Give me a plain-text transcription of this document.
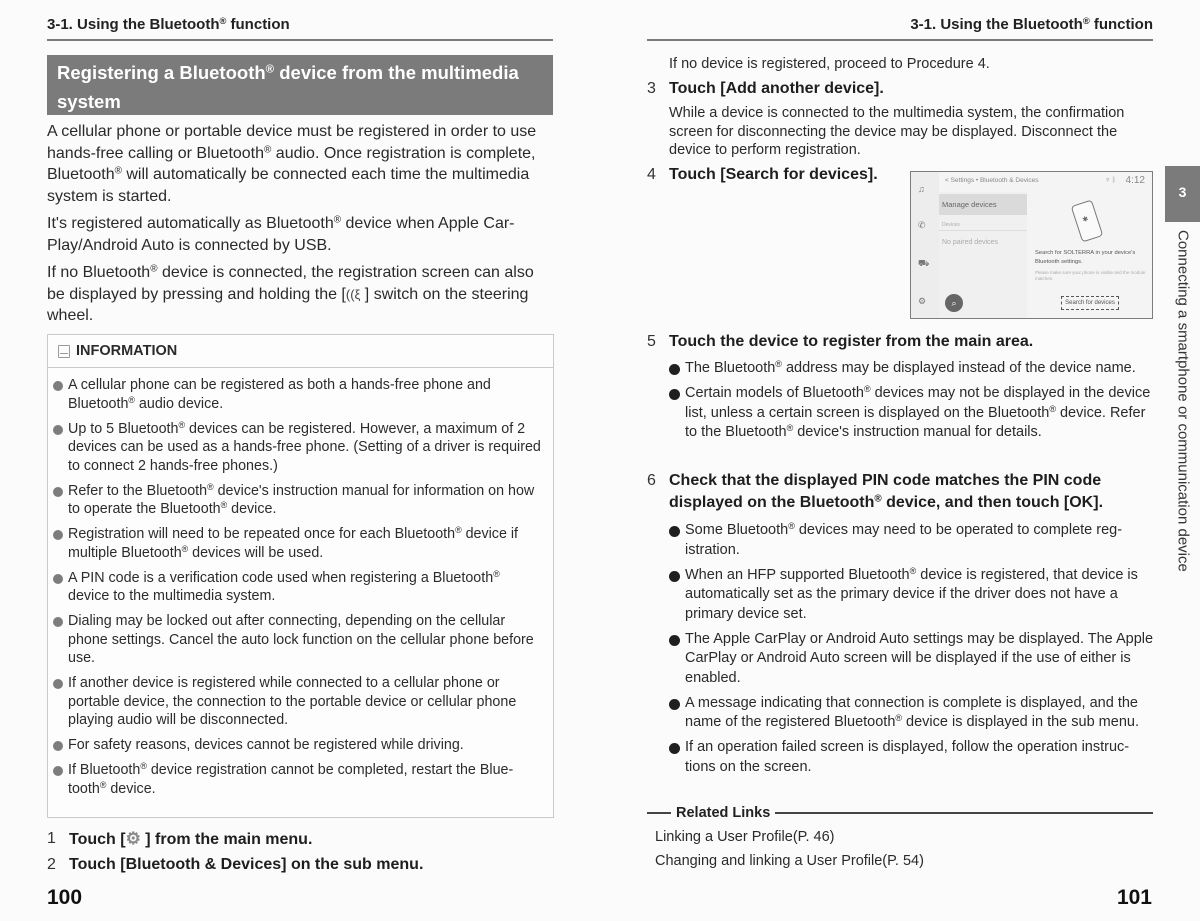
3-1. Using the Bluetooth® function
Registering a Bluetooth® device from the multimedia
system
A cellular phone or portable device must be registered in order to use hands-free calling or Bluetooth® audio. Once registration is complete, Bluetooth® will automatically be connected each time the multimedia system is started.
It's registered automatically as Bluetooth® device when Apple Car-Play/Android Auto is connected by USB.
If no Bluetooth® device is connected, the registration screen can also be displayed by pressing and holding the [((ξ ] switch on the steering wheel.
INFORMATION
A cellular phone can be registered as both a hands-free phone and Bluetooth® audio device.
Up to 5 Bluetooth® devices can be registered. However, a maximum of 2 devices can be used as a hands-free phone. (Setting of a driver is required to connect 2 hands-free phones.)
Refer to the Bluetooth® device's instruction manual for information on how to operate the Bluetooth® device.
Registration will need to be repeated once for each Bluetooth® device if multiple Bluetooth® devices will be used.
A PIN code is a verification code used when registering a Bluetooth® device to the multimedia system.
Dialing may be locked out after connecting, depending on the cellular phone settings. Cancel the auto lock function on the cellular phone before use.
If another device is registered while connected to a cellular phone or portable device, the connection to the portable device or cellular phone playing audio will be disconnected.
For safety reasons, devices cannot be registered while driving.
If Bluetooth® device registration cannot be completed, restart the Blue-tooth® device.
1 Touch [⚙ ] from the main menu.
2 Touch [Bluetooth & Devices] on the sub menu.
100
3-1. Using the Bluetooth® function
If no device is registered, proceed to Procedure 4.
3 Touch [Add another device].
While a device is connected to the multimedia system, the confirmation screen for disconnecting the device may be displayed. Disconnect the device to perform registration.
4 Touch [Search for devices].
♫
✆
⛟
⚙
< Settings • Bluetooth & Devices	⚲ ᛒ 4:12
Manage devices
Devices
No paired devices
✱
Search for SOLTERRA in your device's Bluetooth settings.
Please make sure your phone is visible and the module matches.
Search for devices
⌕
5 Touch the device to register from the main area.
The Bluetooth® address may be displayed instead of the device name.
Certain models of Bluetooth® devices may not be displayed in the device list, unless a certain screen is displayed on the Bluetooth® device. Refer to the Bluetooth® device's instruction manual for details.
6 Check that the displayed PIN code matches the PIN code
displayed on the Bluetooth® device, and then touch [OK].
Some Bluetooth® devices may need to be operated to complete reg-istration.
When an HFP supported Bluetooth® device is registered, that device is automatically set as the primary device if the driver does not have a primary device set.
The Apple CarPlay or Android Auto settings may be displayed. The Apple CarPlay or Android Auto screen will be displayed if the use of either is enabled.
A message indicating that connection is complete is displayed, and the name of the registered Bluetooth® device is displayed in the sub menu.
If an operation failed screen is displayed, follow the operation instruc-tions on the screen.
Related Links
Linking a User Profile(P. 46)
Changing and linking a User Profile(P. 54)
3
Connecting a smartphone or communication device
101
